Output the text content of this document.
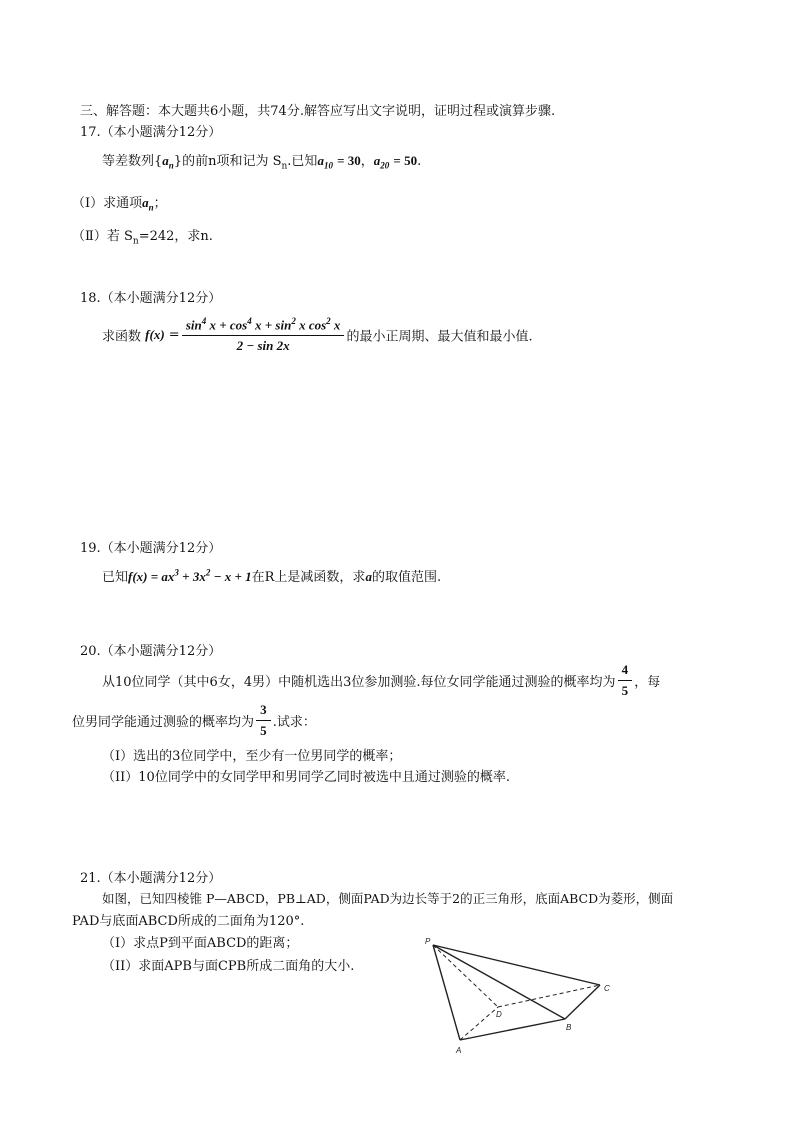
三、解答题：本大题共6小题，共74分.解答应写出文字说明，证明过程或演算步骤.
17.（本小题满分12分）
等差数列$\{a_n\}$的前n项和记为 $S_n$.已知$a_{10} = 30$，$a_{20} = 50$.
（Ⅰ）求通项$a_n$；
（Ⅱ）若 $S_n=242$，求n.
18.（本小题满分12分）
求函数 $f(x) = \frac{\sin^4 x + \cos^4 x + \sin^2 x \cos^2 x}{2 - \sin 2x}$ 的最小正周期、最大值和最小值.
19.（本小题满分12分）
已知$f(x) = ax^3 + 3x^2 - x + 1$在R上是减函数，求a的取值范围.
20.（本小题满分12分）
从10位同学（其中6女，4男）中随机选出3位参加测验.每位女同学能通过测验的概率均为 $\frac{4}{5}$ ，每
位男同学能通过测验的概率均为 $\frac{3}{5}$ .试求：
（I）选出的3位同学中，至少有一位男同学的概率；
（II）10位同学中的女同学甲和男同学乙同时被选中且通过测验的概率.
21.（本小题满分12分）
如图，已知四棱锥 P—ABCD，PB⊥AD，侧面PAD为边长等于2的正三角形，底面ABCD为菱形，侧面
PAD与底面ABCD所成的二面角为120°.
（I）求点P到平面ABCD的距离；
（II）求面APB与面CPB所成二面角的大小.
P
A
B
C
D
